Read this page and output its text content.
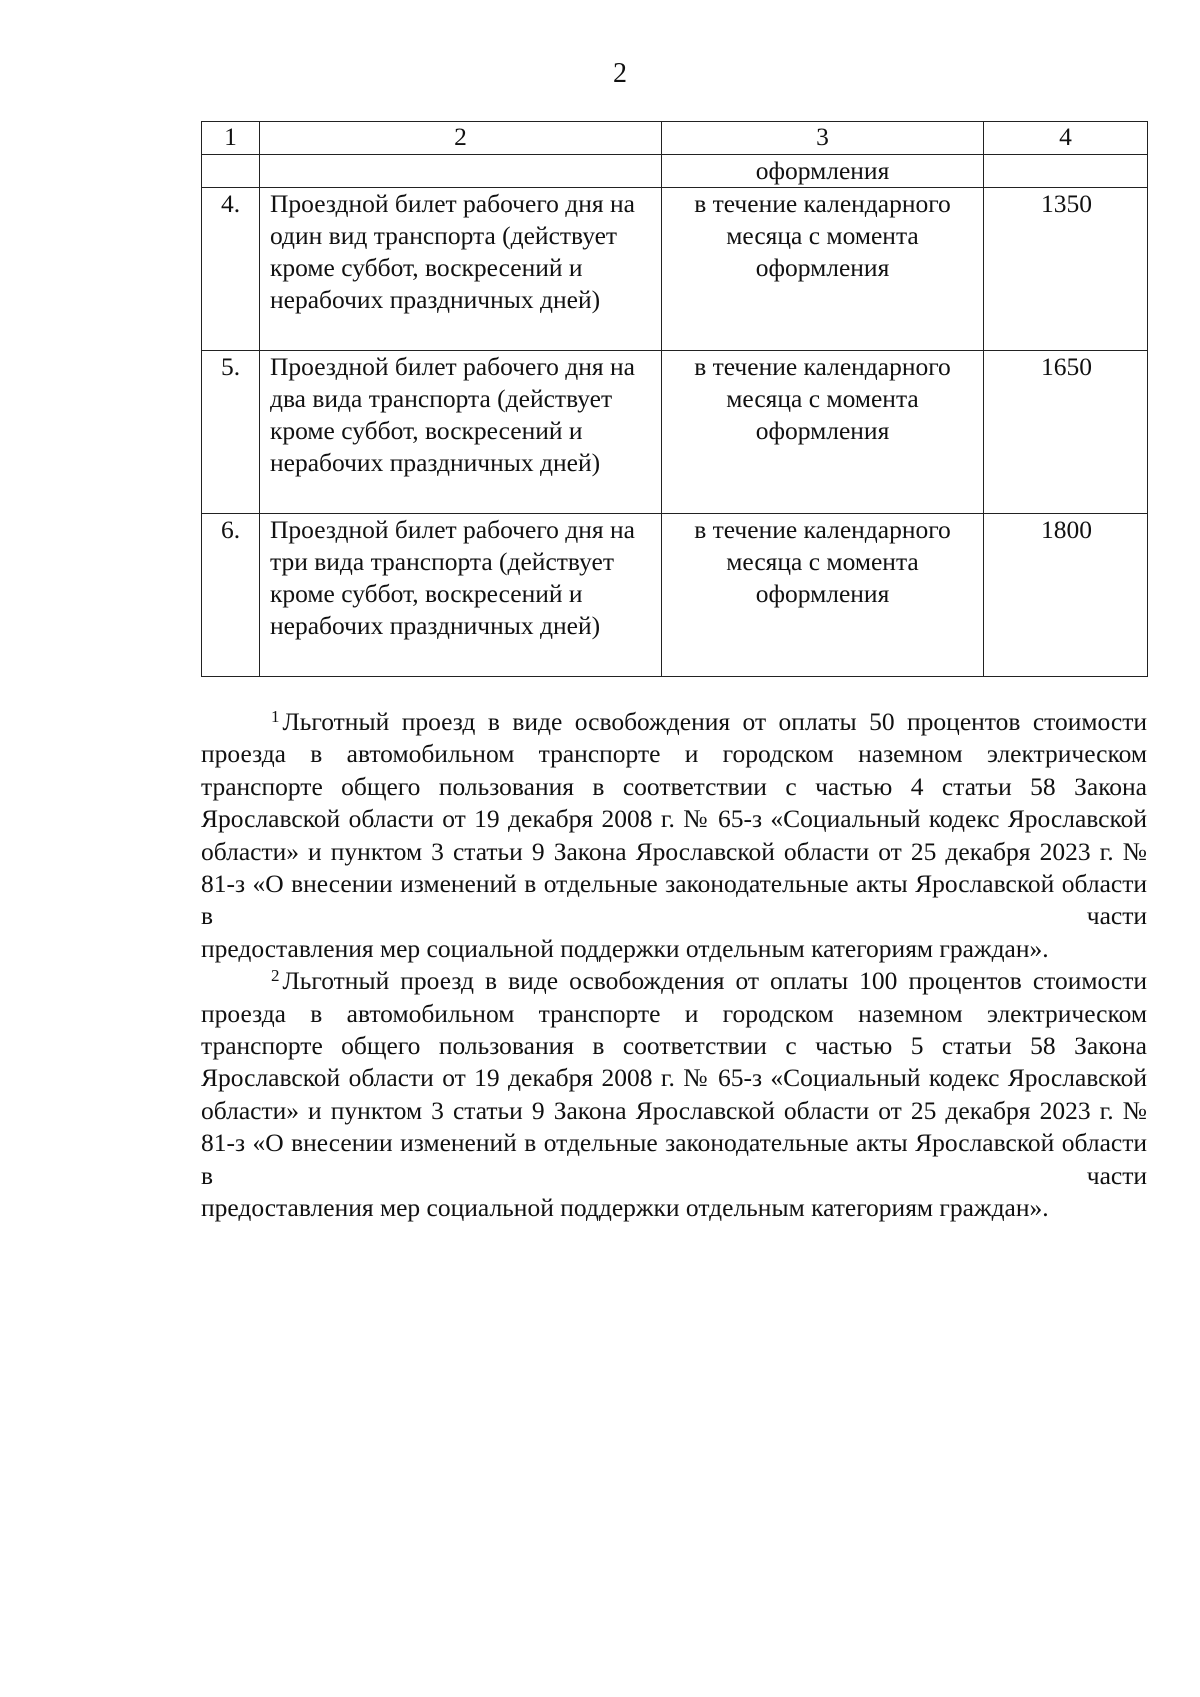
2
1	2	3	4
		оформления	
4.	Проездной билет рабочего дня на один вид транспорта (действует кроме суббот, воскресений и нерабочих праздничных дней)	в течение календарного месяца с момента оформления	1350
5.	Проездной билет рабочего дня на два вида транспорта (действует кроме суббот, воскресений и нерабочих праздничных дней)	в течение календарного месяца с момента оформления	1650
6.	Проездной билет рабочего дня на три вида транспорта (действует кроме суббот, воскресений и нерабочих праздничных дней)	в течение календарного месяца с момента оформления	1800

$^1$ Льготный проезд в виде освобождения от оплаты 50 процентов стоимости проезда в автомобильном транспорте и городском наземном электрическом транспорте общего пользования в соответствии с частью 4 статьи 58 Закона Ярославской области от 19 декабря 2008 г. № 65-з «Социальный кодекс Ярославской области» и пунктом 3 статьи 9 Закона Ярославской области от 25 декабря 2023 г. № 81-з «О внесении изменений в отдельные законодательные акты Ярославской области в части
предоставления мер социальной поддержки отдельным категориям граждан».

$^2$ Льготный проезд в виде освобождения от оплаты 100 процентов стоимости проезда в автомобильном транспорте и городском наземном электрическом транспорте общего пользования в соответствии с частью 5 статьи 58 Закона Ярославской области от 19 декабря 2008 г. № 65-з «Социальный кодекс Ярославской области» и пунктом 3 статьи 9 Закона Ярославской области от 25 декабря 2023 г. № 81-з «О внесении изменений в отдельные законодательные акты Ярославской области в части
предоставления мер социальной поддержки отдельным категориям граждан».
